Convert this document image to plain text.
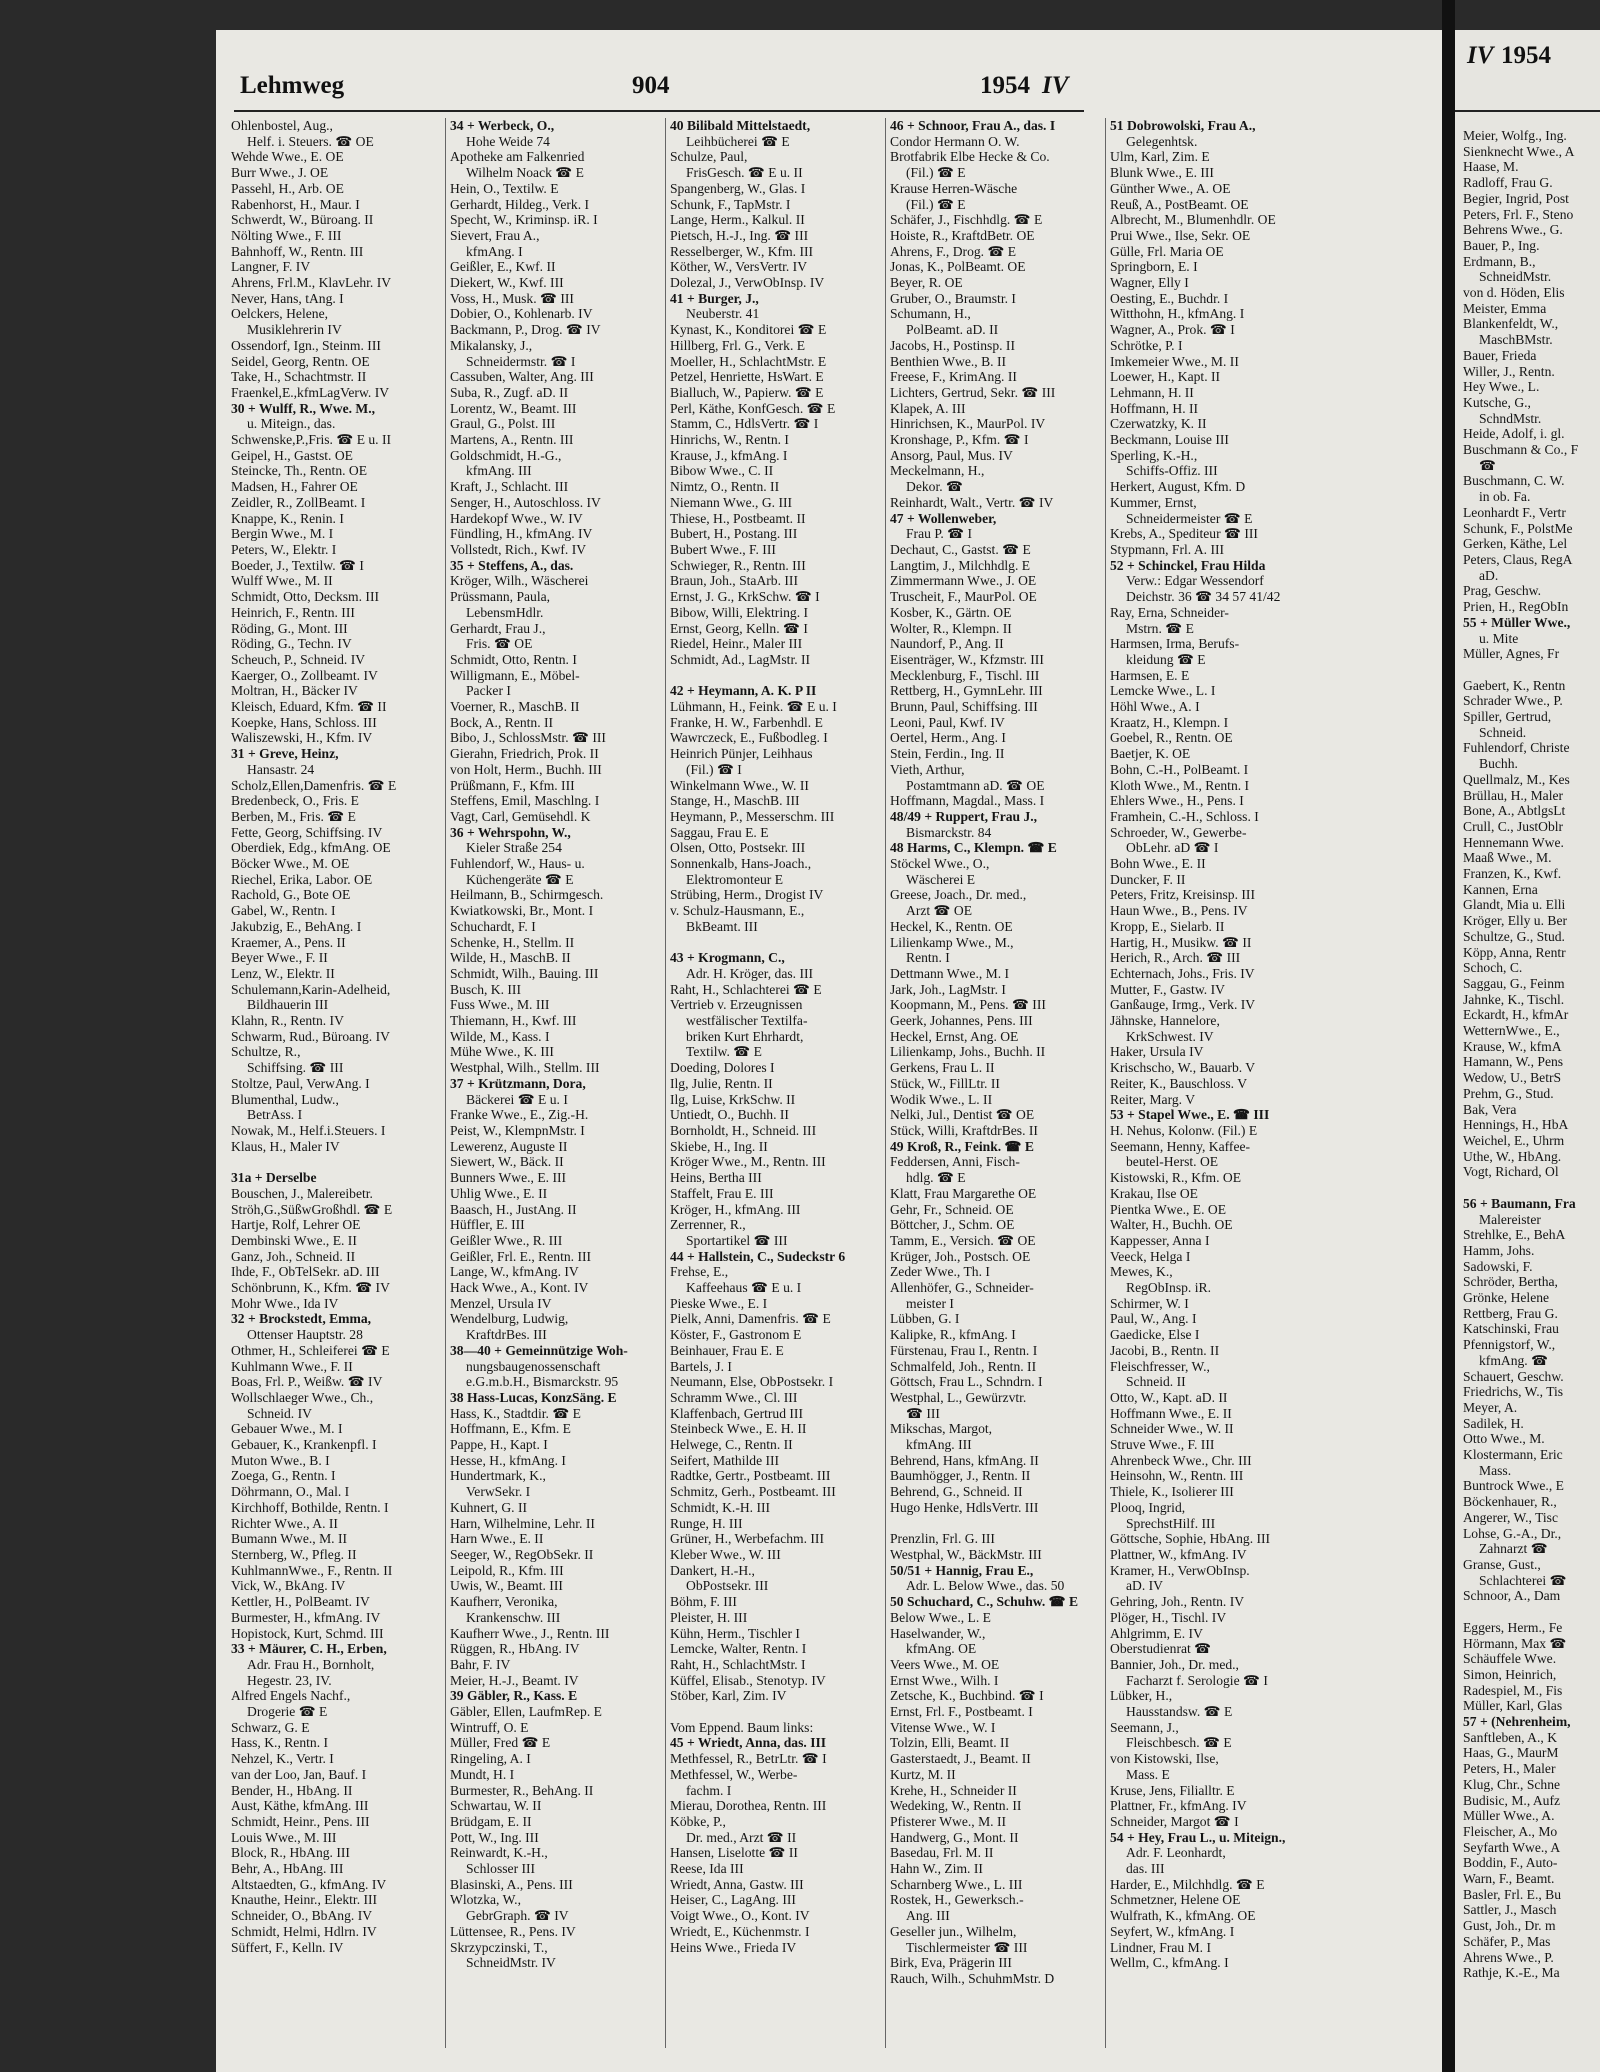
Lehmweg	904	1954 IV
Ohlenbostel, Aug.,
Helf. i. Steuers. ☎ OE
Wehde Wwe., E. OE
Burr Wwe., J. OE
Passehl, H., Arb. OE
Rabenhorst, H., Maur. I
Schwerdt, W., Büroang. II
Nölting Wwe., F. III
Bahnhoff, W., Rentn. III
Langner, F. IV
Ahrens, Frl.M., KlavLehr. IV
Never, Hans, tAng. I
Oelckers, Helene,
Musiklehrerin IV
Ossendorf, Ign., Steinm. III
Seidel, Georg, Rentn. OE
Take, H., Schachtmstr. II
Fraenkel,E.,kfmLagVerw. IV
30 + Wulff, R., Wwe. M.,
u. Miteign., das.
Schwenske,P.,Fris. ☎ E u. II
Geipel, H., Gastst. OE
Steincke, Th., Rentn. OE
Madsen, H., Fahrer OE
Zeidler, R., ZollBeamt. I
Knappe, K., Renin. I
Bergin Wwe., M. I
Peters, W., Elektr. I
Boeder, J., Textilw. ☎ I
Wulff Wwe., M. II
Schmidt, Otto, Decksm. III
Heinrich, F., Rentn. III
Röding, G., Mont. III
Röding, G., Techn. IV
Scheuch, P., Schneid. IV
Kaerger, O., Zollbeamt. IV
Moltran, H., Bäcker IV
Kleisch, Eduard, Kfm. ☎ II
Koepke, Hans, Schloss. III
Waliszewski, H., Kfm. IV
31 + Greve, Heinz,
Hansastr. 24
Scholz,Ellen,Damenfris. ☎ E
Bredenbeck, O., Fris. E
Berben, M., Fris. ☎ E
Fette, Georg, Schiffsing. IV
Oberdiek, Edg., kfmAng. OE
Böcker Wwe., M. OE
Riechel, Erika, Labor. OE
Rachold, G., Bote OE
Gabel, W., Rentn. I
Jakubzig, E., BehAng. I
Kraemer, A., Pens. II
Beyer Wwe., F. II
Lenz, W., Elektr. II
Schulemann,Karin-Adelheid,
Bildhauerin III
Klahn, R., Rentn. IV
Schwarm, Rud., Büroang. IV
Schultze, R.,
Schiffsing. ☎ III
Stoltze, Paul, VerwAng. I
Blumenthal, Ludw.,
BetrAss. I
Nowak, M., Helf.i.Steuers. I
Klaus, H., Maler IV

31a + Derselbe
Bouschen, J., Malereibetr.
Ströh,G.,SüßwGroßhdl. ☎ E
Hartje, Rolf, Lehrer OE
Dembinski Wwe., E. II
Ganz, Joh., Schneid. II
Ihde, F., ObTelSekr. aD. III
Schönbrunn, K., Kfm. ☎ IV
Mohr Wwe., Ida IV
32 + Brockstedt, Emma,
Ottenser Hauptstr. 28
Othmer, H., Schleiferei ☎ E
Kuhlmann Wwe., F. II
Boas, Frl. P., Weißw. ☎ IV
Wollschlaeger Wwe., Ch.,
Schneid. IV
Gebauer Wwe., M. I
Gebauer, K., Krankenpfl. I
Muton Wwe., B. I
Zoega, G., Rentn. I
Döhrmann, O., Mal. I
Kirchhoff, Bothilde, Rentn. I
Richter Wwe., A. II
Bumann Wwe., M. II
Sternberg, W., Pfleg. II
KuhlmannWwe., F., Rentn. II
Vick, W., BkAng. IV
Kettler, H., PolBeamt. IV
Burmester, H., kfmAng. IV
Hopistock, Kurt, Schmd. III
33 + Mäurer, C. H., Erben,
Adr. Frau H., Bornholt,
Hegestr. 23, IV.
Alfred Engels Nachf.,
Drogerie ☎ E
Schwarz, G. E
Hass, K., Rentn. I
Nehzel, K., Vertr. I
van der Loo, Jan, Bauf. I
Bender, H., HbAng. II
Aust, Käthe, kfmAng. III
Schmidt, Heinr., Pens. III
Louis Wwe., M. III
Block, R., HbAng. III
Behr, A., HbAng. III
Altstaedten, G., kfmAng. IV
Knauthe, Heinr., Elektr. III
Schneider, O., BbAng. IV
Schmidt, Helmi, Hdlrn. IV
Süffert, F., Kelln. IV
34 + Werbeck, O.,
Hohe Weide 74
Apotheke am Falkenried
Wilhelm Noack ☎ E
Hein, O., Textilw. E
Gerhardt, Hildeg., Verk. I
Specht, W., Kriminsp. iR. I
Sievert, Frau A.,
kfmAng. I
Geißler, E., Kwf. II
Diekert, W., Kwf. III
Voss, H., Musk. ☎ III
Dobier, O., Kohlenarb. IV
Backmann, P., Drog. ☎ IV
Mikalansky, J.,
Schneidermstr. ☎ I
Cassuben, Walter, Ang. III
Suba, R., Zugf. aD. II
Lorentz, W., Beamt. III
Graul, G., Polst. III
Martens, A., Rentn. III
Goldschmidt, H.-G.,
kfmAng. III
Kraft, J., Schlacht. III
Senger, H., Autoschloss. IV
Hardekopf Wwe., W. IV
Fündling, H., kfmAng. IV
Vollstedt, Rich., Kwf. IV
35 + Steffens, A., das.
Kröger, Wilh., Wäscherei
Prüssmann, Paula,
LebensmHdlr.
Gerhardt, Frau J.,
Fris. ☎ OE
Schmidt, Otto, Rentn. I
Willigmann, E., Möbel-
Packer I
Voerner, R., MaschB. II
Bock, A., Rentn. II
Bibo, J., SchlossMstr. ☎ III
Gierahn, Friedrich, Prok. II
von Holt, Herm., Buchh. III
Prüßmann, F., Kfm. III
Steffens, Emil, Maschlng. I
Vagt, Carl, Gemüsehdl. K
36 + Wehrspohn, W.,
Kieler Straße 254
Fuhlendorf, W., Haus- u.
Küchengeräte ☎ E
Heilmann, B., Schirmgesch.
Kwiatkowski, Br., Mont. I
Schuchardt, F. I
Schenke, H., Stellm. II
Wilde, H., MaschB. II
Schmidt, Wilh., Bauing. III
Busch, K. III
Fuss Wwe., M. III
Thiemann, H., Kwf. III
Wilde, M., Kass. I
Mühe Wwe., K. III
Westphal, Wilh., Stellm. III
37 + Krützmann, Dora,
Bäckerei ☎ E u. I
Franke Wwe., E., Zig.-H.
Peist, W., KlempnMstr. I
Lewerenz, Auguste II
Siewert, W., Bäck. II
Bunners Wwe., E. III
Uhlig Wwe., E. II
Baasch, H., JustAng. II
Hüffler, E. III
Geißler Wwe., R. III
Geißler, Frl. E., Rentn. III
Lange, W., kfmAng. IV
Hack Wwe., A., Kont. IV
Menzel, Ursula IV
Wendelburg, Ludwig,
KraftdrBes. III
38—40 + Gemeinnützige Woh-
nungsbaugenossenschaft
e.G.m.b.H., Bismarckstr. 95
38 Hass-Lucas, KonzSäng. E
Hass, K., Stadtdir. ☎ E
Hoffmann, E., Kfm. E
Pappe, H., Kapt. I
Hesse, H., kfmAng. I
Hundertmark, K.,
VerwSekr. I
Kuhnert, G. II
Harn, Wilhelmine, Lehr. II
Harn Wwe., E. II
Seeger, W., RegObSekr. II
Leipold, R., Kfm. III
Uwis, W., Beamt. III
Kaufherr, Veronika,
Krankenschw. III
Kaufherr Wwe., J., Rentn. III
Rüggen, R., HbAng. IV
Bahr, F. IV
Meier, H.-J., Beamt. IV
39 Gäbler, R., Kass. E
Gäbler, Ellen, LaufmRep. E
Wintruff, O. E
Müller, Fred ☎ E
Ringeling, A. I
Mundt, H. I
Burmester, R., BehAng. II
Schwartau, W. II
Brüdgam, E. II
Pott, W., Ing. III
Reinwardt, K.-H.,
Schlosser III
Blasinski, A., Pens. III
Wlotzka, W.,
GebrGraph. ☎ IV
Lüttensee, R., Pens. IV
Skrzypczinski, T.,
SchneidMstr. IV
40 Bilibald Mittelstaedt,
Leihbücherei ☎ E
Schulze, Paul,
FrisGesch. ☎ E u. II
Spangenberg, W., Glas. I
Schunk, F., TapMstr. I
Lange, Herm., Kalkul. II
Pietsch, H.-J., Ing. ☎ III
Resselberger, W., Kfm. III
Köther, W., VersVertr. IV
Dolezal, J., VerwObInsp. IV
41 + Burger, J.,
Neuberstr. 41
Kynast, K., Konditorei ☎ E
Hillberg, Frl. G., Verk. E
Moeller, H., SchlachtMstr. E
Petzel, Henriette, HsWart. E
Bialluch, W., Papierw. ☎ E
Perl, Käthe, KonfGesch. ☎ E
Stamm, C., HdlsVertr. ☎ I
Hinrichs, W., Rentn. I
Krause, J., kfmAng. I
Bibow Wwe., C. II
Nimtz, O., Rentn. II
Niemann Wwe., G. III
Thiese, H., Postbeamt. II
Bubert, H., Postang. III
Bubert Wwe., F. III
Schwieger, R., Rentn. III
Braun, Joh., StaArb. III
Ernst, J. G., KrkSchw. ☎ I
Bibow, Willi, Elektring. I
Ernst, Georg, Kelln. ☎ I
Riedel, Heinr., Maler III
Schmidt, Ad., LagMstr. II

42 + Heymann, A. K. P II
Lühmann, H., Feink. ☎ E u. I
Franke, H. W., Farbenhdl. E
Wawrczeck, E., Fußbodleg. I
Heinrich Pünjer, Leihhaus
(Fil.) ☎ I
Winkelmann Wwe., W. II
Stange, H., MaschB. III
Heymann, P., Messerschm. III
Saggau, Frau E. E
Olsen, Otto, Postsekr. III
Sonnenkalb, Hans-Joach.,
Elektromonteur E
Strübing, Herm., Drogist IV
v. Schulz-Hausmann, E.,
BkBeamt. III

43 + Krogmann, C.,
Adr. H. Kröger, das. III
Raht, H., Schlachterei ☎ E
Vertrieb v. Erzeugnissen
westfälischer Textilfa-
briken Kurt Ehrhardt,
Textilw. ☎ E
Doeding, Dolores I
Ilg, Julie, Rentn. II
Ilg, Luise, KrkSchw. II
Untiedt, O., Buchh. II
Bornholdt, H., Schneid. III
Skiebe, H., Ing. II
Kröger Wwe., M., Rentn. III
Heins, Bertha III
Staffelt, Frau E. III
Kröger, H., kfmAng. III
Zerrenner, R.,
Sportartikel ☎ III
44 + Hallstein, C., Sudeckstr 6
Frehse, E.,
Kaffeehaus ☎ E u. I
Pieske Wwe., E. I
Pielk, Anni, Damenfris. ☎ E
Köster, F., Gastronom E
Beinhauer, Frau E. E
Bartels, J. I
Neumann, Else, ObPostsekr. I
Schramm Wwe., Cl. III
Klaffenbach, Gertrud III
Steinbeck Wwe., E. H. II
Helwege, C., Rentn. II
Seifert, Mathilde III
Radtke, Gertr., Postbeamt. III
Schmitz, Gerh., Postbeamt. III
Schmidt, K.-H. III
Runge, H. III
Grüner, H., Werbefachm. III
Kleber Wwe., W. III
Dankert, H.-H.,
ObPostsekr. III
Böhm, F. III
Pleister, H. III
Kühn, Herm., Tischler I
Lemcke, Walter, Rentn. I
Raht, H., SchlachtMstr. I
Küffel, Elisab., Stenotyp. IV
Stöber, Karl, Zim. IV

Vom Eppend. Baum links:
45 + Wriedt, Anna, das. III
Methfessel, R., BetrLtr. ☎ I
Methfessel, W., Werbe-
fachm. I
Mierau, Dorothea, Rentn. III
Köbke, P.,
Dr. med., Arzt ☎ II
Hansen, Liselotte ☎ II
Reese, Ida III
Wriedt, Anna, Gastw. III
Heiser, C., LagAng. III
Voigt Wwe., O., Kont. IV
Wriedt, E., Küchenmstr. I
Heins Wwe., Frieda IV
46 + Schnoor, Frau A., das. I
Condor Hermann O. W.
Brotfabrik Elbe Hecke & Co.
(Fil.) ☎ E
Krause Herren-Wäsche
(Fil.) ☎ E
Schäfer, J., Fischhdlg. ☎ E
Hoiste, R., KraftdBetr. OE
Ahrens, F., Drog. ☎ E
Jonas, K., PolBeamt. OE
Beyer, R. OE
Gruber, O., Braumstr. I
Schumann, H.,
PolBeamt. aD. II
Jacobs, H., Postinsp. II
Benthien Wwe., B. II
Freese, F., KrimAng. II
Lichters, Gertrud, Sekr. ☎ III
Klapek, A. III
Hinrichsen, K., MaurPol. IV
Kronshage, P., Kfm. ☎ I
Ansorg, Paul, Mus. IV
Meckelmann, H.,
Dekor. ☎
Reinhardt, Walt., Vertr. ☎ IV
47 + Wollenweber,
Frau P. ☎ I
Dechaut, C., Gastst. ☎ E
Langtim, J., Milchhdlg. E
Zimmermann Wwe., J. OE
Truscheit, F., MaurPol. OE
Kosber, K., Gärtn. OE
Wolter, R., Klempn. II
Naundorf, P., Ang. II
Eisenträger, W., Kfzmstr. III
Mecklenburg, F., Tischl. III
Rettberg, H., GymnLehr. III
Brunn, Paul, Schiffsing. III
Leoni, Paul, Kwf. IV
Oertel, Herm., Ang. I
Stein, Ferdin., Ing. II
Vieth, Arthur,
Postamtmann aD. ☎ OE
Hoffmann, Magdal., Mass. I
48/49 + Ruppert, Frau J.,
Bismarckstr. 84
48 Harms, C., Klempn. ☎ E
Stöckel Wwe., O.,
Wäscherei E
Greese, Joach., Dr. med.,
Arzt ☎ OE
Heckel, K., Rentn. OE
Lilienkamp Wwe., M.,
Rentn. I
Dettmann Wwe., M. I
Jark, Joh., LagMstr. I
Koopmann, M., Pens. ☎ III
Geerk, Johannes, Pens. III
Heckel, Ernst, Ang. OE
Lilienkamp, Johs., Buchh. II
Gerkens, Frau L. II
Stück, W., FillLtr. II
Wodik Wwe., L. II
Nelki, Jul., Dentist ☎ OE
Stück, Willi, KraftdrBes. II
49 Kroß, R., Feink. ☎ E
Feddersen, Anni, Fisch-
hdlg. ☎ E
Klatt, Frau Margarethe OE
Gehr, Fr., Schneid. OE
Böttcher, J., Schm. OE
Tamm, E., Versich. ☎ OE
Krüger, Joh., Postsch. OE
Zeder Wwe., Th. I
Allenhöfer, G., Schneider-
meister I
Lübben, G. I
Kalipke, R., kfmAng. I
Fürstenau, Frau I., Rentn. I
Schmalfeld, Joh., Rentn. II
Göttsch, Frau L., Schndrn. I
Westphal, L., Gewürzvtr.
☎ III
Mikschas, Margot,
kfmAng. III
Behrend, Hans, kfmAng. II
Baumhögger, J., Rentn. II
Behrend, G., Schneid. II
Hugo Henke, HdlsVertr. III

Prenzlin, Frl. G. III
Westphal, W., BäckMstr. III
50/51 + Hannig, Frau E.,
Adr. L. Below Wwe., das. 50
50 Schuchard, C., Schuhw. ☎ E
Below Wwe., L. E
Haselwander, W.,
kfmAng. OE
Veers Wwe., M. OE
Ernst Wwe., Wilh. I
Zetsche, K., Buchbind. ☎ I
Ernst, Frl. F., Postbeamt. I
Vitense Wwe., W. I
Tolzin, Elli, Beamt. II
Gasterstaedt, J., Beamt. II
Kurtz, M. II
Krehe, H., Schneider II
Wedeking, W., Rentn. II
Pfisterer Wwe., M. II
Handwerg, G., Mont. II
Basedau, Frl. M. II
Hahn W., Zim. II
Scharnberg Wwe., L. III
Rostek, H., Gewerksch.-
Ang. III
Geseller jun., Wilhelm,
Tischlermeister ☎ III
Birk, Eva, Prägerin III
Rauch, Wilh., SchuhmMstr. D
51 Dobrowolski, Frau A.,
Gelegenhtsk.
Ulm, Karl, Zim. E
Blunk Wwe., E. III
Günther Wwe., A. OE
Reuß, A., PostBeamt. OE
Albrecht, M., Blumenhdlr. OE
Prui Wwe., Ilse, Sekr. OE
Gülle, Frl. Maria OE
Springborn, E. I
Wagner, Elly I
Oesting, E., Buchdr. I
Witthohn, H., kfmAng. I
Wagner, A., Prok. ☎ I
Schrötke, P. I
Imkemeier Wwe., M. II
Loewer, H., Kapt. II
Lehmann, H. II
Hoffmann, H. II
Czerwatzky, K. II
Beckmann, Louise III
Sperling, K.-H.,
Schiffs-Offiz. III
Herkert, August, Kfm. D
Kummer, Ernst,
Schneidermeister ☎ E
Krebs, A., Spediteur ☎ III
Stypmann, Frl. A. III
52 + Schinckel, Frau Hilda
Verw.: Edgar Wessendorf
Deichstr. 36 ☎ 34 57 41/42
Ray, Erna, Schneider-
Mstrn. ☎ E
Harmsen, Irma, Berufs-
kleidung ☎ E
Harmsen, E. E
Lemcke Wwe., L. I
Höhl Wwe., A. I
Kraatz, H., Klempn. I
Goebel, R., Rentn. OE
Baetjer, K. OE
Bohn, C.-H., PolBeamt. I
Kloth Wwe., M., Rentn. I
Ehlers Wwe., H., Pens. I
Framhein, C.-H., Schloss. I
Schroeder, W., Gewerbe-
ObLehr. aD ☎ I
Bohn Wwe., E. II
Duncker, F. II
Peters, Fritz, Kreisinsp. III
Haun Wwe., B., Pens. IV
Kropp, E., Sielarb. II
Hartig, H., Musikw. ☎ II
Herich, R., Arch. ☎ III
Echternach, Johs., Fris. IV
Mutter, F., Gastw. IV
Ganßauge, Irmg., Verk. IV
Jähnske, Hannelore,
KrkSchwest. IV
Haker, Ursula IV
Krischscho, W., Bauarb. V
Reiter, K., Bauschloss. V
Reiter, Marg. V
53 + Stapel Wwe., E. ☎ III
H. Nehus, Kolonw. (Fil.) E
Seemann, Henny, Kaffee-
beutel-Herst. OE
Kistowski, R., Kfm. OE
Krakau, Ilse OE
Pientka Wwe., E. OE
Walter, H., Buchh. OE
Kappesser, Anna I
Veeck, Helga I
Mewes, K.,
RegObInsp. iR.
Schirmer, W. I
Paul, W., Ang. I
Gaedicke, Else I
Jacobi, B., Rentn. II
Fleischfresser, W.,
Schneid. II
Otto, W., Kapt. aD. II
Hoffmann Wwe., E. II
Schneider Wwe., W. II
Struve Wwe., F. III
Ahrenbeck Wwe., Chr. III
Heinsohn, W., Rentn. III
Thiele, K., Isolierer III
Plooq, Ingrid,
SprechstHilf. III
Göttsche, Sophie, HbAng. III
Plattner, W., kfmAng. IV
Kramer, H., VerwObInsp.
aD. IV
Gehring, Joh., Rentn. IV
Plöger, H., Tischl. IV
Ahlgrimm, E. IV
Oberstudienrat ☎
Bannier, Joh., Dr. med.,
Facharzt f. Serologie ☎ I
Lübker, H.,
Hausstandsw. ☎ E
Seemann, J.,
Fleischbesch. ☎ E
von Kistowski, Ilse,
Mass. E
Kruse, Jens, Filialltr. E
Plattner, Fr., kfmAng. IV
Schneider, Margot ☎ I
54 + Hey, Frau L., u. Miteign.,
Adr. F. Leonhardt,
das. III
Harder, E., Milchhdlg. ☎ E
Schmetzner, Helene OE
Wulfrath, K., kfmAng. OE
Seyfert, W., kfmAng. I
Lindner, Frau M. I
Wellm, C., kfmAng. I
IV 1954
Meier, Wolfg., Ing.
Sienknecht Wwe., A
Haase, M.
Radloff, Frau G.
Begier, Ingrid, Post
Peters, Frl. F., Steno
Behrens Wwe., G.
Bauer, P., Ing.
Erdmann, B.,
SchneidMstr.
von d. Höden, Elis
Meister, Emma
Blankenfeldt, W.,
MaschBMstr.
Bauer, Frieda
Willer, J., Rentn.
Hey Wwe., L.
Kutsche, G.,
SchndMstr.
Heide, Adolf, i. gl.
Buschmann & Co., F
☎
Buschmann, C. W.
in ob. Fa.
Leonhardt F., Vertr
Schunk, F., PolstMe
Gerken, Käthe, Lel
Peters, Claus, RegA
aD.
Prag, Geschw.
Prien, H., RegObIn
55 + Müller Wwe.,
u. Mite
Müller, Agnes, Fr

Gaebert, K., Rentn
Schrader Wwe., P.
Spiller, Gertrud,
Schneid.
Fuhlendorf, Christe
Buchh.
Quellmalz, M., Kes
Brüllau, H., Maler
Bone, A., AbtlgsLt
Crull, C., JustOblr
Hennemann Wwe.
Maaß Wwe., M.
Franzen, K., Kwf.
Kannen, Erna
Glandt, Mia u. Elli
Kröger, Elly u. Ber
Schultze, G., Stud.
Köpp, Anna, Rentr
Schoch, C.
Saggau, G., Feinm
Jahnke, K., Tischl.
Eckardt, H., kfmAr
WetternWwe., E.,
Krause, W., kfmA
Hamann, W., Pens
Wedow, U., BetrS
Prehm, G., Stud.
Bak, Vera
Hennings, H., HbA
Weichel, E., Uhrm
Uthe, W., HbAng.
Vogt, Richard, Ol

56 + Baumann, Fra
Malereister
Strehlke, E., BehA
Hamm, Johs.
Sadowski, F.
Schröder, Bertha,
Grönke, Helene
Rettberg, Frau G.
Katschinski, Frau
Pfennigstorf, W.,
kfmAng. ☎
Schauert, Geschw.
Friedrichs, W., Tis
Meyer, A.
Sadilek, H.
Otto Wwe., M.
Klostermann, Eric
Mass.
Buntrock Wwe., E
Böckenhauer, R.,
Angerer, W., Tisc
Lohse, G.-A., Dr.,
Zahnarzt ☎
Granse, Gust.,
Schlachterei ☎
Schnoor, A., Dam

Eggers, Herm., Fe
Hörmann, Max ☎
Schäuffele Wwe.
Simon, Heinrich,
Radespiel, M., Fis
Müller, Karl, Glas
57 + (Nehrenheim,
Sanftleben, A., K
Haas, G., MaurM
Peters, H., Maler
Klug, Chr., Schne
Budisic, M., Aufz
Müller Wwe., A.
Fleischer, A., Mo
Seyfarth Wwe., A
Boddin, F., Auto-
Warn, F., Beamt.
Basler, Frl. E., Bu
Sattler, J., Masch
Gust, Joh., Dr. m
Schäfer, P., Mas
Ahrens Wwe., P.
Rathje, K.-E., Ma
